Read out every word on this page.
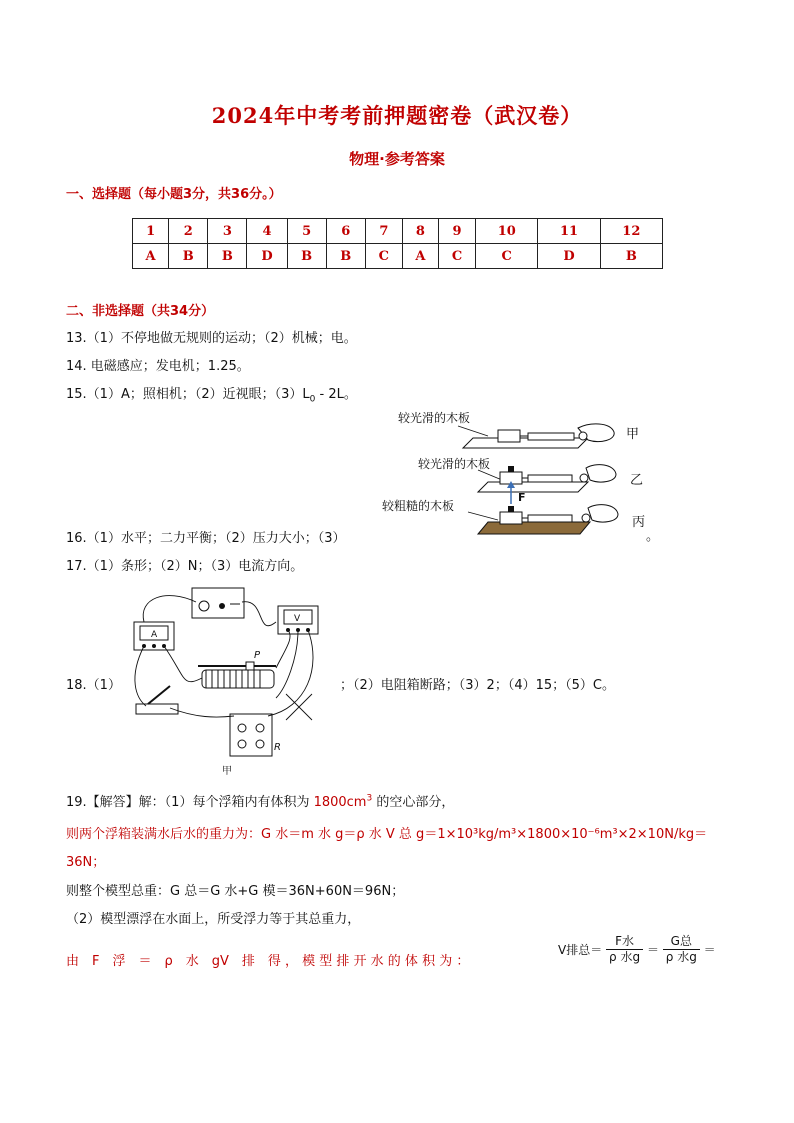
2024年中考考前押题密卷（武汉卷）
物理·参考答案
一、选择题（每小题3分，共36分。）
1	2	3	4	5	6	7	8	9	10	11	12
A	B	B	D	B	B	C	A	C	C	D	B
二、非选择题（共34分）
13.（1）不停地做无规则的运动；（2）机械；电。
14. 电磁感应；发电机；1.25。
15.（1）A；照相机；（2）近视眼；$(3)L_0 - 2L$。
较光滑的木板
较光滑的木板
较粗糙的木板
甲
乙
丙
。
F
16.（1）水平；二力平衡；（2）压力大小；（3）
17.（1）条形；（2）N；（3）电流方向。
A
V
P
R
甲
18.（1）	；（2）电阻箱断路；（3）2；（4）15；（5）C。
19.【解答】解：（1）每个浮箱内有体积为 $1800cm^3$ 的空心部分，
则两个浮箱装满水后水的重力为：G 水＝m 水 g＝ρ 水 V 总 g＝1×10³kg/m³×1800×10⁻⁶m³×2×10N/kg＝
36N；
则整个模型总重：G 总＝G 水+G 模＝36N+60N＝96N；
（2）模型漂浮在水面上，所受浮力等于其总重力，
由　F　浮　＝　ρ　水　gV　排　得 ， 模 型 排 开 水 的 体 积 为 ：
V排总＝ $\frac{\text{F水}}{\text{ρ 水g}} = \frac{\text{G总}}{\text{ρ 水g}}$ ＝
